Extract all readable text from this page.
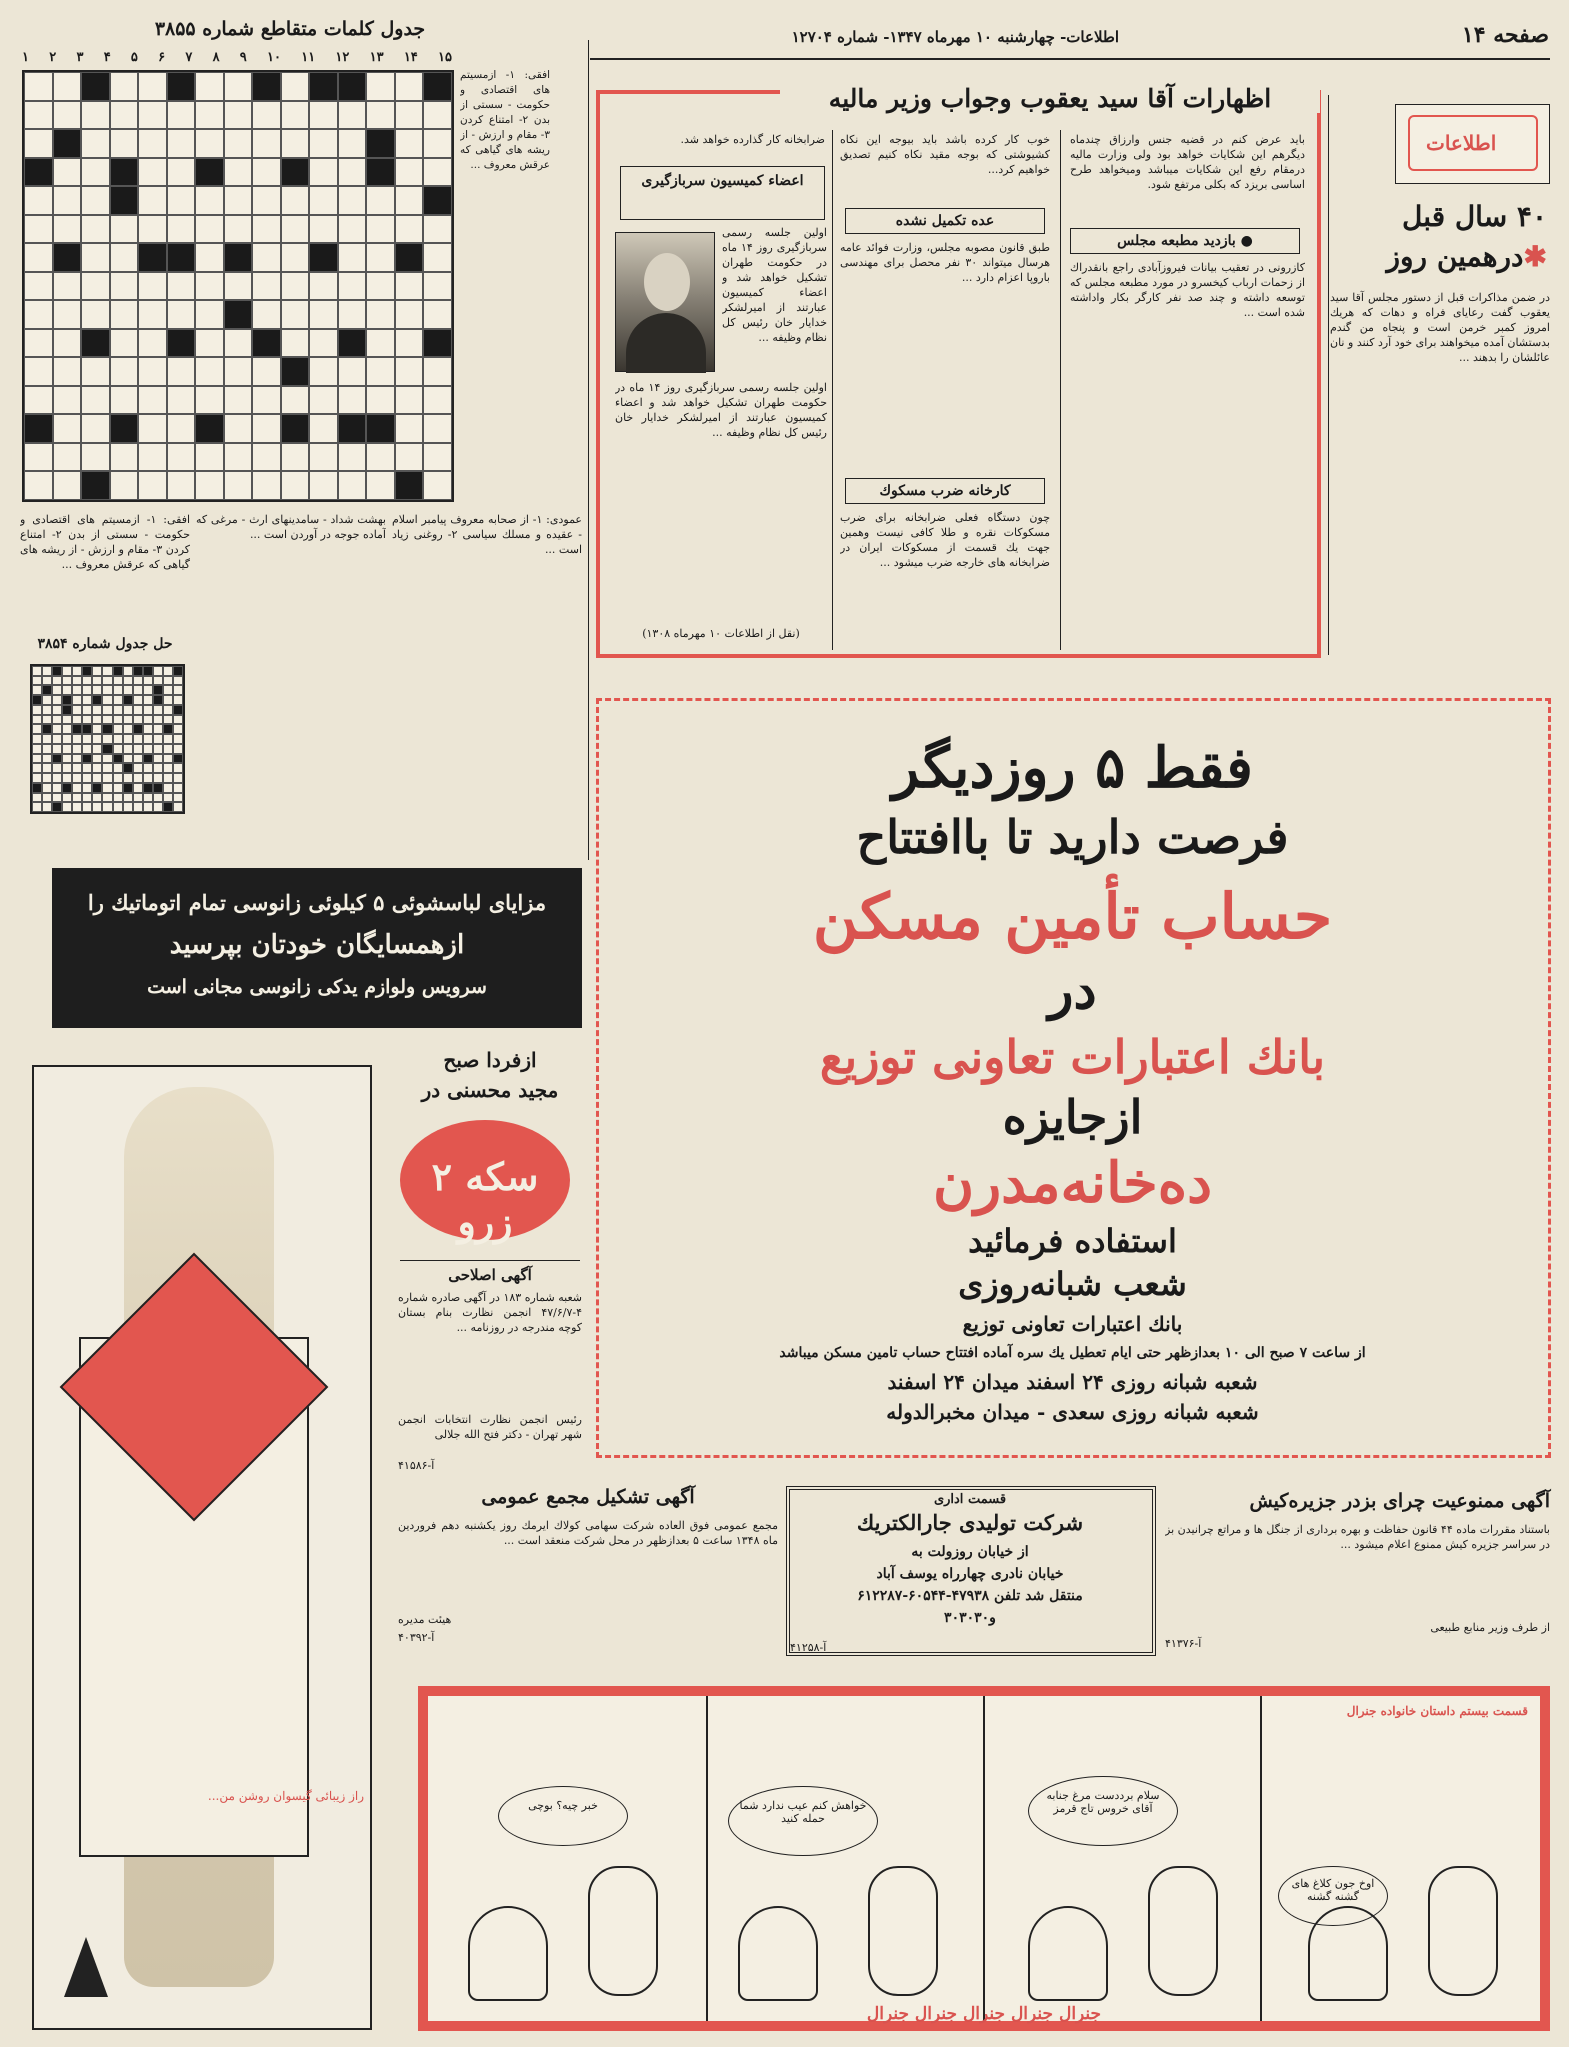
صفحه ۱۴
اطلاعات- چهارشنبه ۱۰ مهرماه ۱۳۴۷- شماره ۱۲۷۰۴
جدول كلمات متقاطع شماره ۳۸۵۵
اظهارات آقا سید یعقوب وجواب وزیر مالیه
باید عرض كنم در قضیه جنس وارزاق چندماه دیگرهم این شكایات خواهد بود ولی وزارت مالیه درمقام رفع این شكایات میباشد ومیخواهد طرح اساسی بریزد كه بكلی مرتفع شود.
● بازدید مطبعه مجلس
كازرونی در تعقیب بیانات فیروزآبادی راجع بانقدراك از زحمات ارباب كیخسرو در مورد مطبعه مجلس كه توسعه داشته و چند صد نفر كارگر بكار واداشته شده است ...
خوب كار كرده باشد باید بیوجه این نكاه كشیوشتی كه بوجه مقید نكاه كنیم تصدیق خواهیم كرد...
عده تكمیل نشده
طبق قانون مصوبه مجلس، وزارت فوائد عامه هرسال میتواند ۳۰ نفر محصل برای مهندسی باروپا اعزام دارد ...
كارخانه ضرب مسكوك
چون دستگاه فعلی ضرابخانه برای ضرب مسكوكات نقره و طلا كافی نیست وهمین جهت یك قسمت از مسكوكات ایران در ضرابخانه های خارجه ضرب میشود ...
ضرابخانه كار گذارده خواهد شد.
اعضاء كمیسیون سربازگیری
اولین جلسه رسمی سربازگیری روز ۱۴ ماه در حكومت طهران تشكیل خواهد شد و اعضاء كمیسیون عبارتند از امیرلشكر خدایار خان رئیس كل نظام وظیفه ...
اولین جلسه رسمی سربازگیری روز ۱۴ ماه در حكومت طهران تشكیل خواهد شد و اعضاء كمیسیون عبارتند از امیرلشكر خدایار خان رئیس كل نظام وظیفه ...
(نقل از اطلاعات ۱۰ مهرماه ۱۳۰۸)
اطلاعات
۴۰ سال قبل
✱درهمین روز
در ضمن مذاكرات قبل از دستور مجلس آقا سید یعقوب گفت رعایای فراه و دهات كه هریك امروز كمبر خرمن است و پنجاه من گندم بدستشان آمده میخواهند برای خود آرد كنند و نان عائلشان را بدهند ...
۱ ۲ ۳ ۴ ۵ ۶ ۷ ۸ ۹ ۱۰ ۱۱ ۱۲ ۱۳ ۱۴ ۱۵
افقی: ۱- ازمسیتم های اقتصادی و حكومت - سستی از بدن ۲- امتناع كردن ۳- مقام و ارزش - از ریشه های گیاهی كه عرقش معروف ...
عمودی: ۱- از صحابه معروف پیامبر اسلام - عقیده و مسلك سیاسی ۲- روغنی زیاد است ...
بهشت شداد - سامدینهای ارث - مرغی كه آماده جوجه در آوردن است ...
افقی: ۱- ازمسیتم های اقتصادی و حكومت - سستی از بدن ۲- امتناع كردن ۳- مقام و ارزش - از ریشه های گیاهی كه عرقش معروف ...
حل جدول شماره ۳۸۵۴
فقط ۵ روزدیگر
فرصت دارید تا باافتتاح
حساب تأمین مسكن
در
بانك اعتبارات تعاونی توزیع
ازجایزه
ده‌خانه‌مدرن
استفاده فرمائید
شعب شبانه‌روزی
بانك اعتبارات تعاونی توزیع
از ساعت ۷ صبح الی ۱۰ بعدازظهر حتی ایام تعطیل یك سره آماده افتتاح حساب تامین مسكن میباشد
شعبه شبانه روزی ۲۴ اسفند میدان ۲۴ اسفند
شعبه شبانه روزی سعدی - میدان مخبرالدوله
مزایای لباسشوئی ۵ كیلوئی زانوسی تمام اتوماتیك را
ازهمسایگان خودتان بپرسید
سرویس ولوازم یدكی زانوسی مجانی است
راز زیبائی گیسوان روشن من...
ازفردا صبح
مجید محسنی در
سكه ۲ زرو
آگهی اصلاحی
شعبه شماره ۱۸۳ در آگهی صادره شماره ۴-۴۷/۶/۷ انجمن نظارت بنام بستان كوچه مندرجه در روزنامه ...
رئیس انجمن نظارت انتخابات انجمن شهر تهران - دكتر فتح الله جلالی
آ-۴۱۵۸۶
آگهی تشكیل مجمع عمومی
مجمع عمومی فوق العاده شركت سهامی كولاك ایرمك روز یكشنبه دهم فروردین ماه ۱۳۴۸ ساعت ۵ بعدازظهر در محل شركت منعقد است ...
هیئت مدیره
آ-۴۰۳۹۲
قسمت اداری
شركت تولیدی جارالكتریك
از خیابان روزولت به
خیابان نادری چهارراه یوسف آباد
منتقل شد تلفن ۴۷۹۳۸-۶۰۵۴۴-۶۱۲۲۸۷
و۳۰۳۰۳۰
آ-۴۱۲۵۸
آگهی ممنوعیت چرای بزدر جزیره‌كیش
باستناد مقررات ماده ۴۴ قانون حفاظت و بهره برداری از جنگل ها و مراتع چرانیدن بز در سراسر جزیره كیش ممنوع اعلام میشود ...
از طرف وزیر منابع طبیعی
آ-۴۱۳۷۶
قسمت بیستم داستان خانواده جنرال
اوخ جون كلاغ های گشنه گشنه
سلام برددست مرغ جنابه آقای خروس تاج قرمز
خواهش كنم عیب ندارد شما حمله كنید
خبر چیه؟ بوچی
جنرال جنرال جنرال جنرال جنرال
